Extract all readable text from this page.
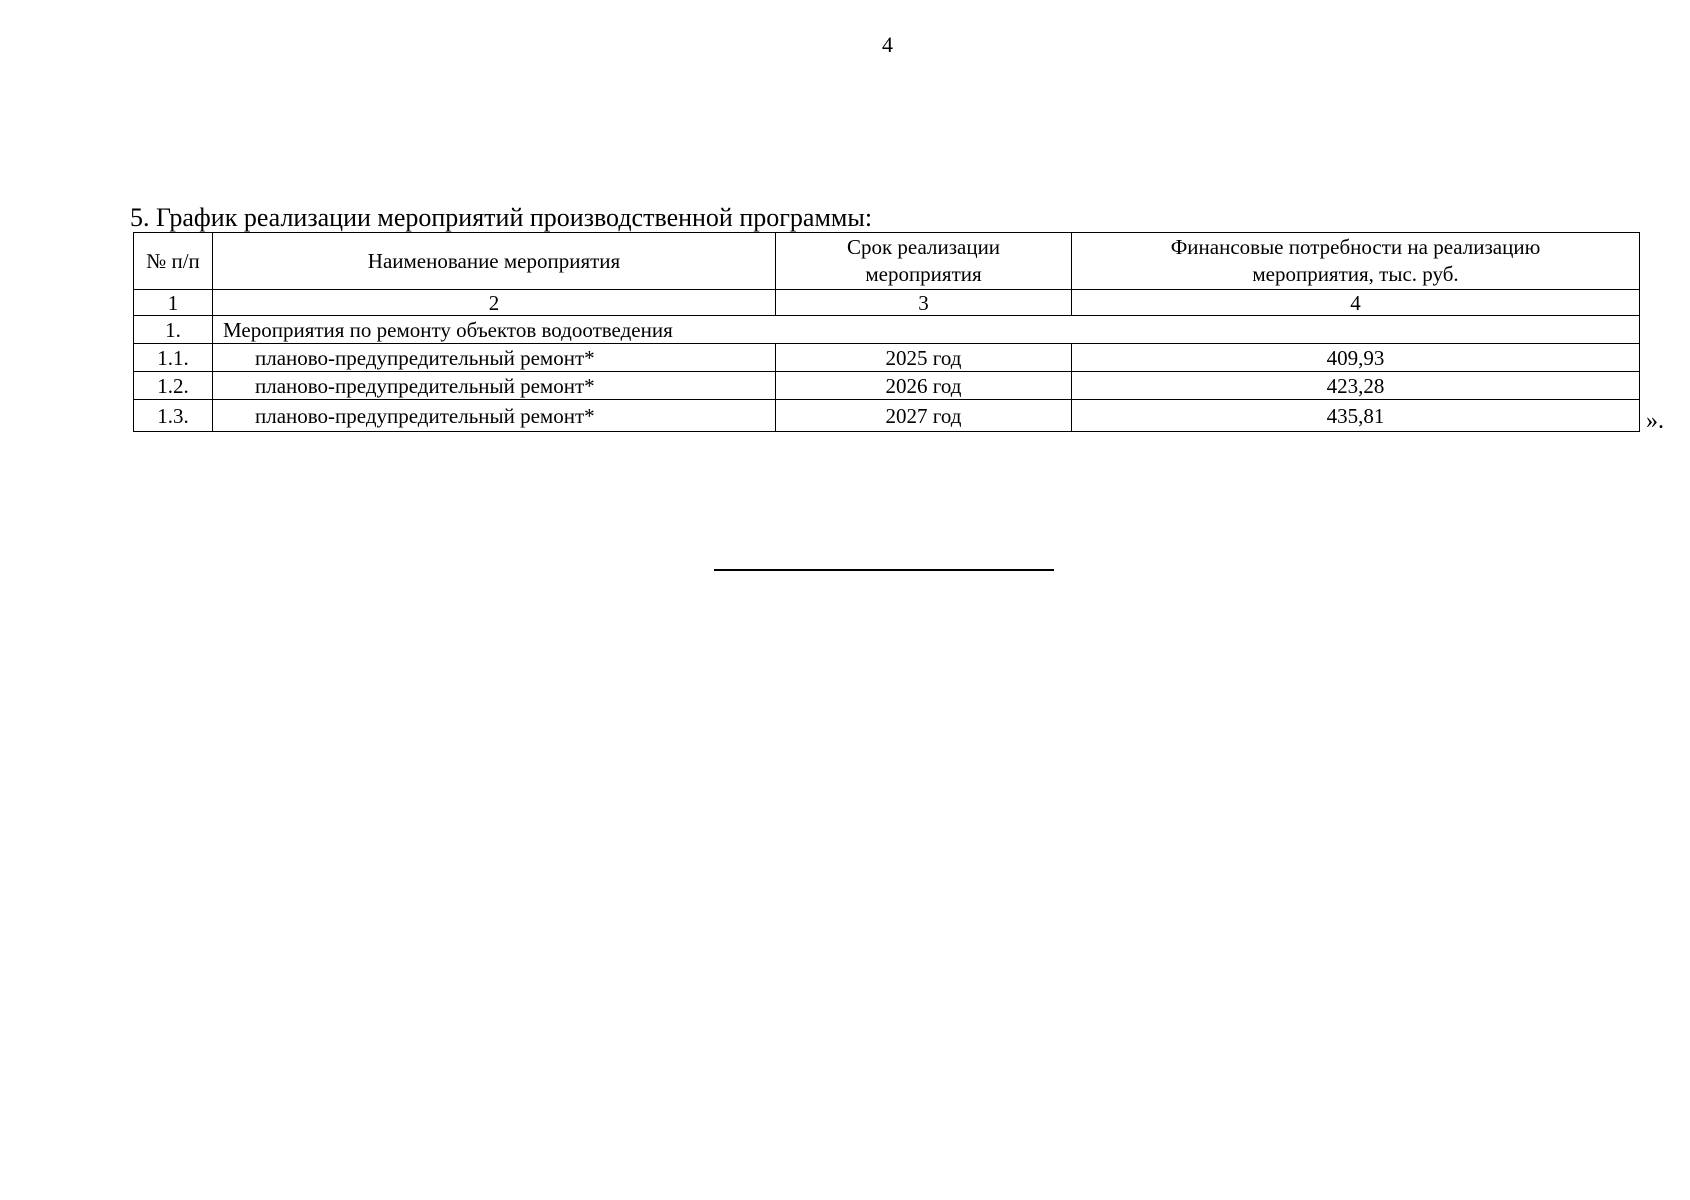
4
5. График реализации мероприятий производственной программы:
№ п/п	Наименование мероприятия	Срок реализации мероприятия	Финансовые потребности на реализацию мероприятия, тыс. руб.
1	2	3	4
1.	Мероприятия по ремонту объектов водоотведения		
1.1.	планово-предупредительный ремонт*	2025 год	409,93
1.2.	планово-предупредительный ремонт*	2026 год	423,28
1.3.	планово-предупредительный ремонт*	2027 год	435,81	».
